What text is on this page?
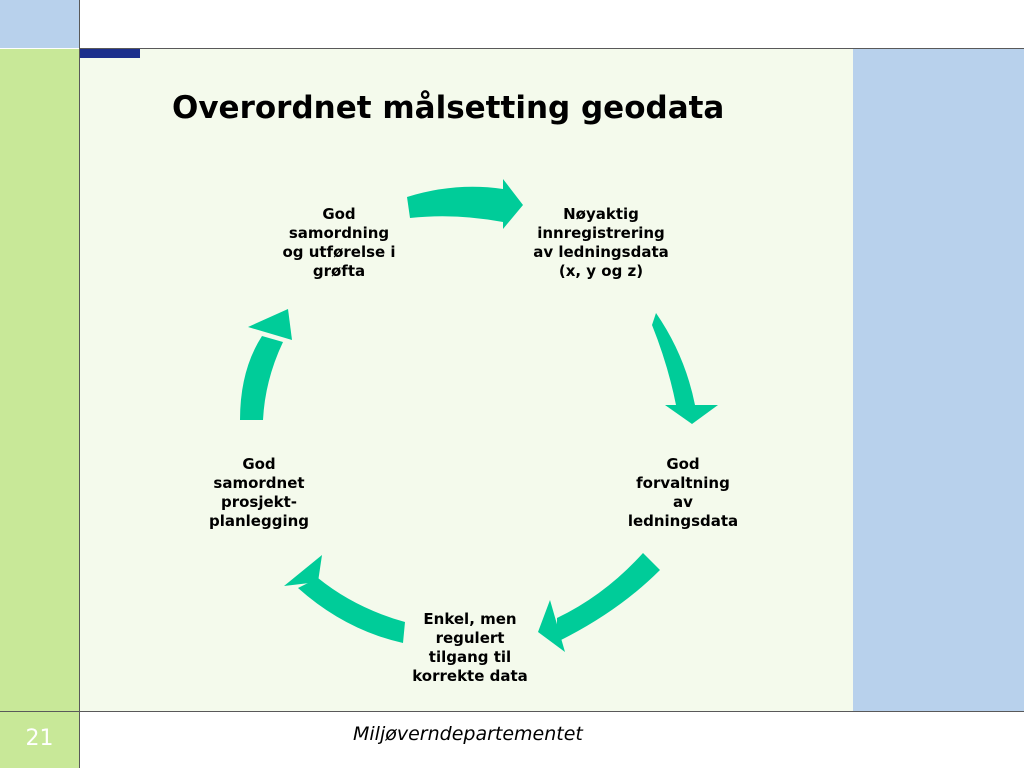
Overordnet målsetting geodata
Nøyaktig
innregistrering
av ledningsdata
(x, y og z)
God
forvaltning
av
ledningsdata
Enkel, men
regulert
tilgang til
korrekte data
God
samordnet
prosjekt-
planlegging
God
samordning
og utførelse i
grøfta
21	Miljøverndepartementet
